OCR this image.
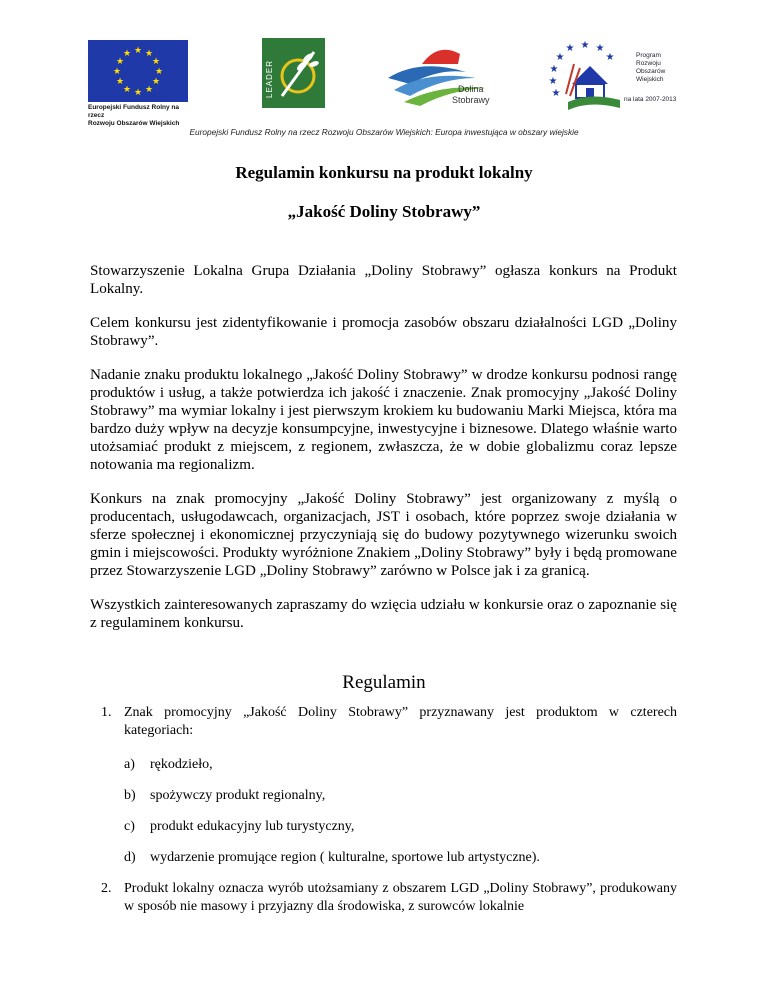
★ ★
★
★
★
★
★
★
★
★
★
★
Europejski Fundusz Rolny na rzecz
Rozwoju Obszarów Wiejskich
LEADER	Dolina
Stobrawy
★ ★
★
★
★
★
★
★
Program
Rozwoju
Obszarów
Wiejskich
na lata 2007-2013
Europejski Fundusz Rolny na rzecz Rozwoju Obszarów Wiejskich: Europa inwestująca w obszary wiejskie
Regulamin konkursu na produkt lokalny
„Jakość Doliny Stobrawy”

Stowarzyszenie Lokalna Grupa Działania „Doliny Stobrawy” ogłasza konkurs na Produkt Lokalny.

Celem konkursu jest zidentyfikowanie i promocja zasobów obszaru działalności LGD „Doliny Stobrawy”.

Nadanie znaku produktu lokalnego „Jakość Doliny Stobrawy” w drodze konkursu podnosi rangę produktów i usług, a także potwierdza ich jakość i znaczenie. Znak promocyjny „Jakość Doliny Stobrawy” ma wymiar lokalny i jest pierwszym krokiem ku budowaniu Marki Miejsca, która ma bardzo duży wpływ na decyzje konsumpcyjne, inwestycyjne i biznesowe. Dlatego właśnie warto utożsamiać produkt z miejscem, z regionem, zwłaszcza, że w dobie globalizmu coraz lepsze notowania ma regionalizm.

Konkurs na znak promocyjny „Jakość Doliny Stobrawy” jest organizowany z myślą o producentach, usługodawcach, organizacjach, JST i osobach, które poprzez swoje działania w sferze społecznej i ekonomicznej przyczyniają się do budowy pozytywnego wizerunku swoich gmin i miejscowości. Produkty wyróżnione Znakiem „Doliny Stobrawy” były i będą promowane przez Stowarzyszenie LGD „Doliny Stobrawy” zarówno w Polsce jak i za granicą.

Wszystkich zainteresowanych zapraszamy do wzięcia udziału w konkursie oraz o zapoznanie się z regulaminem konkursu.

Regulamin
1. Znak promocyjny „Jakość Doliny Stobrawy” przyznawany jest produktom w czterech kategoriach:
a) rękodzieło,
b) spożywczy produkt regionalny,
c) produkt edukacyjny lub turystyczny,
d) wydarzenie promujące region ( kulturalne, sportowe lub artystyczne).
2. Produkt lokalny oznacza wyrób utożsamiany z obszarem LGD „Doliny Stobrawy”, produkowany w sposób nie masowy i przyjazny dla środowiska, z surowców lokalnie
